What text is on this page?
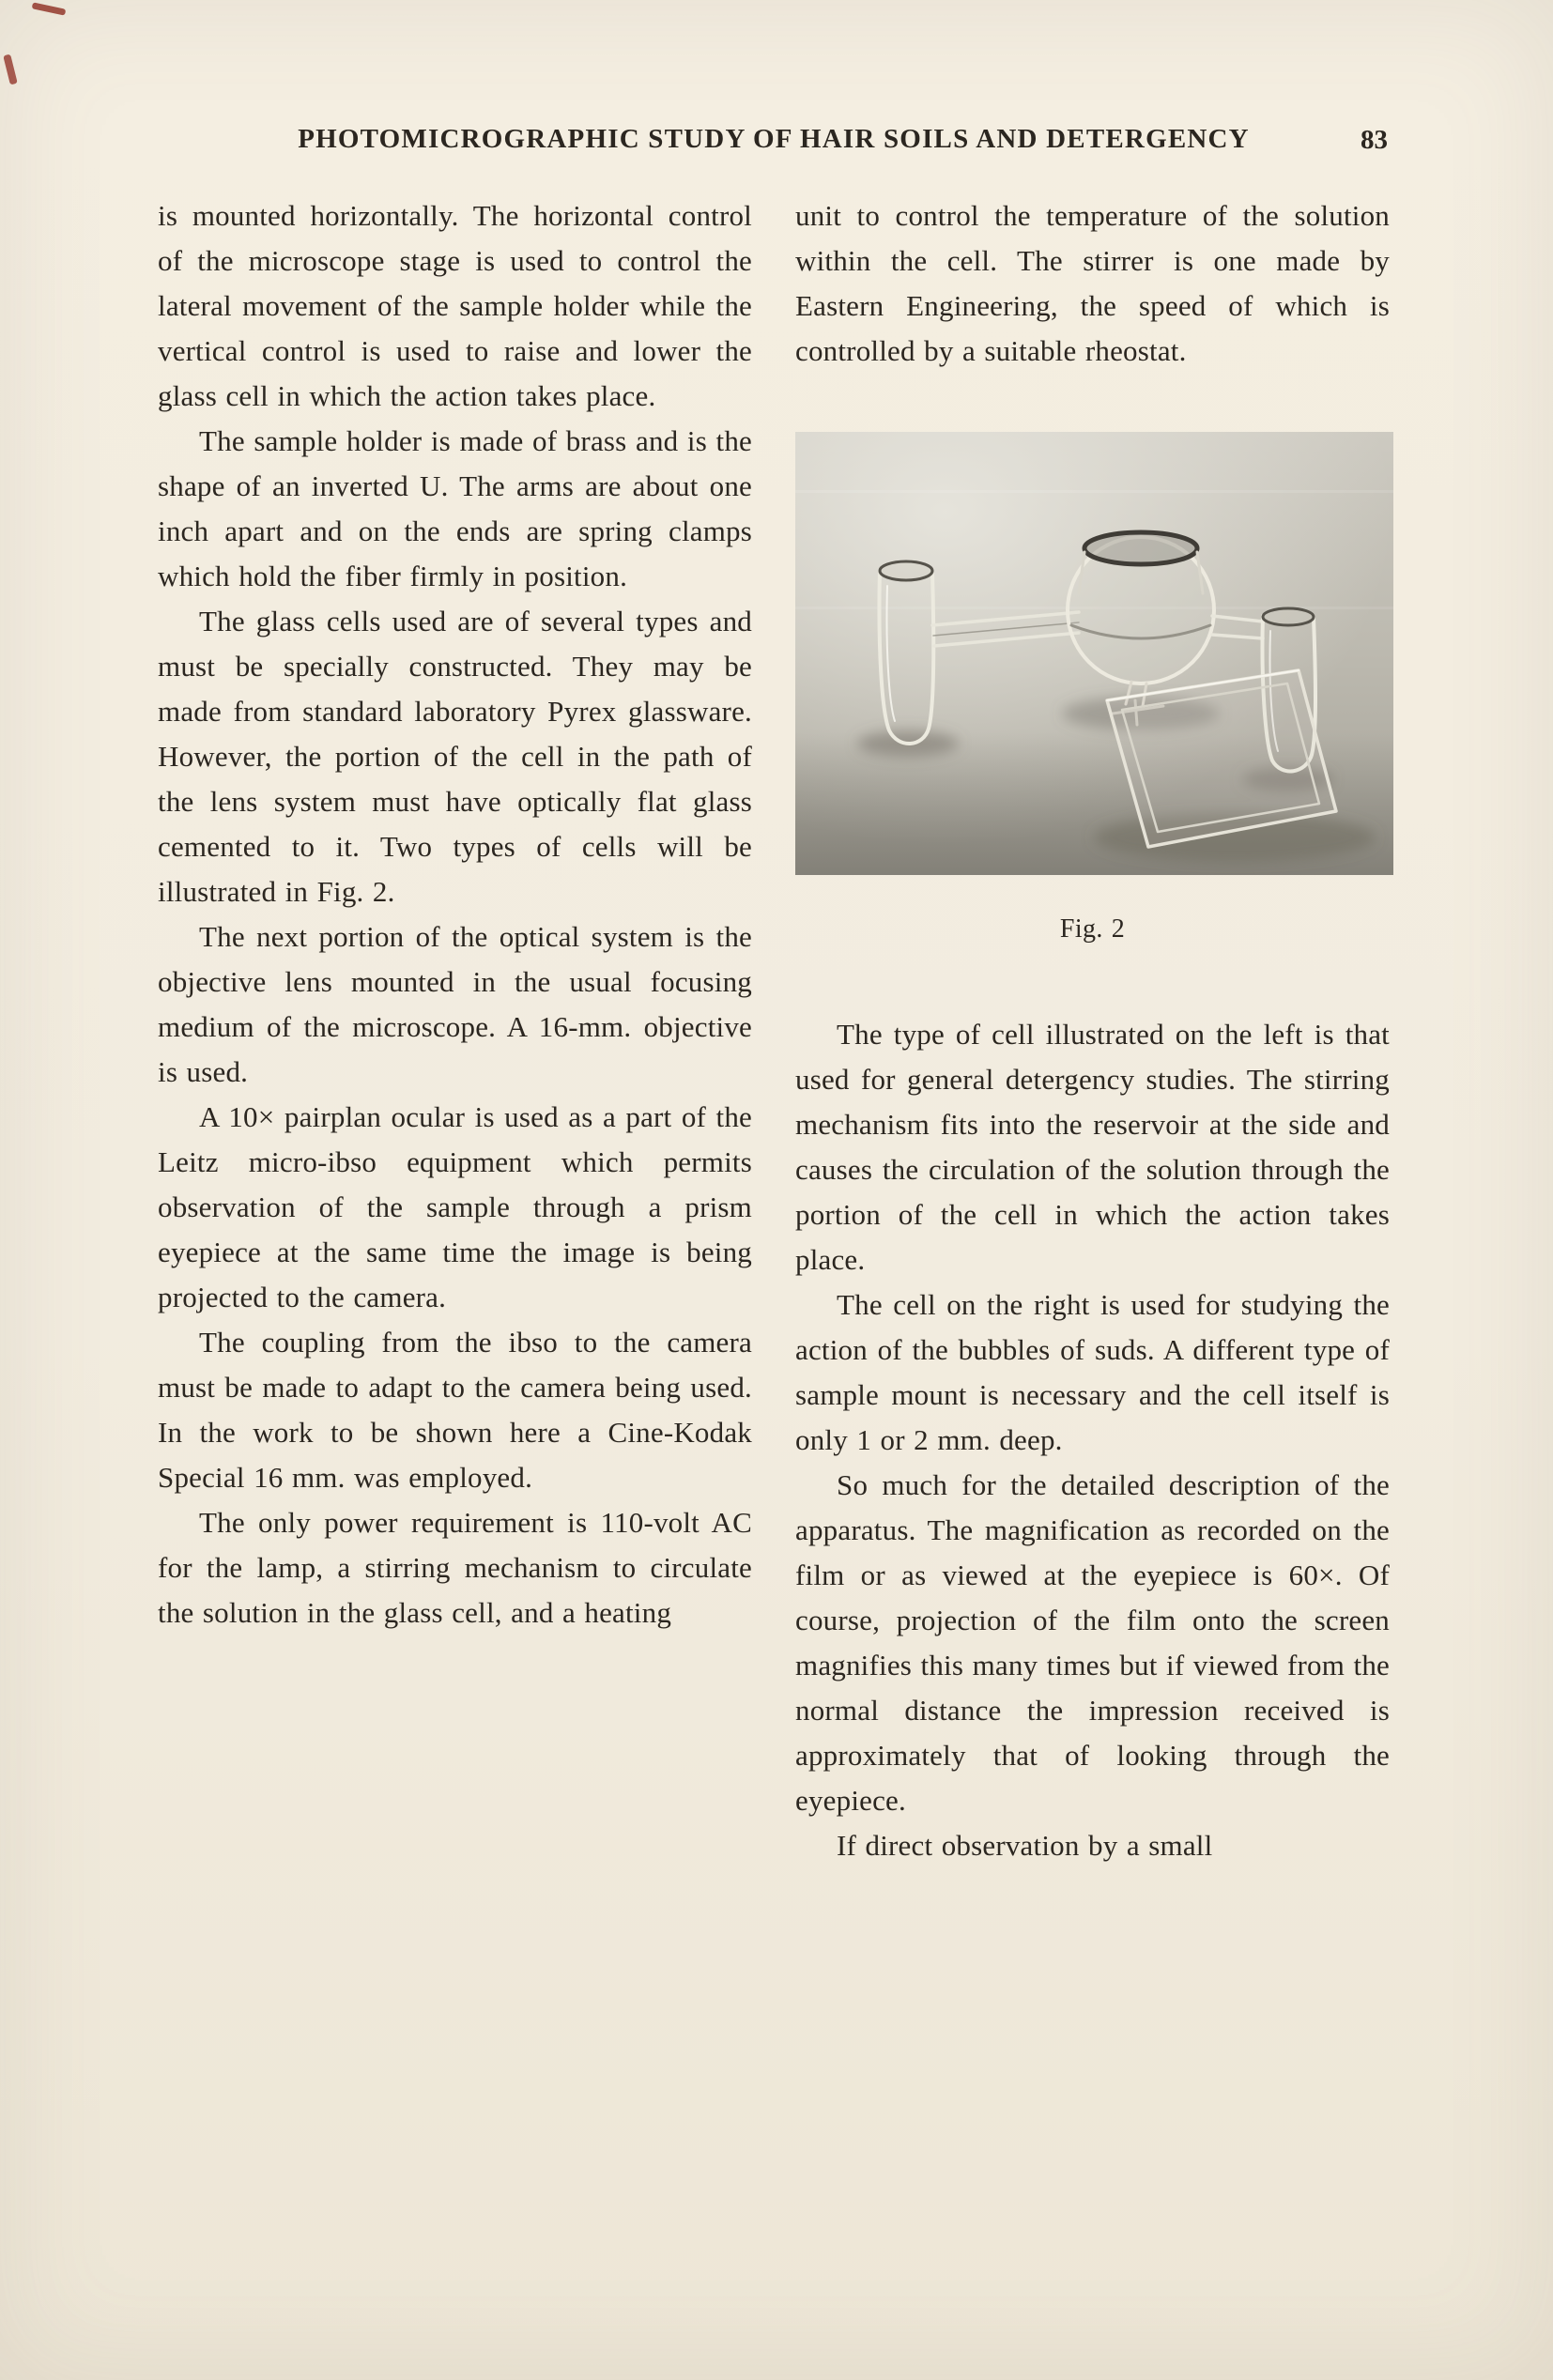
PHOTOMICROGRAPHIC STUDY OF HAIR SOILS AND DETERGENCY	83

is mounted horizontally. The horizontal control of the microscope stage is used to control the lateral movement of the sample holder while the vertical control is used to raise and lower the glass cell in which the action takes place.

The sample holder is made of brass and is the shape of an inverted U. The arms are about one inch apart and on the ends are spring clamps which hold the fiber firmly in position.

The glass cells used are of several types and must be specially constructed. They may be made from standard laboratory Pyrex glassware. However, the portion of the cell in the path of the lens system must have optically flat glass cemented to it. Two types of cells will be illustrated in Fig. 2.

The next portion of the optical system is the objective lens mounted in the usual focusing medium of the microscope. A 16-mm. objective is used.

A 10× pairplan ocular is used as a part of the Leitz micro-ibso equipment which permits observation of the sample through a prism eyepiece at the same time the image is being projected to the camera.

The coupling from the ibso to the camera must be made to adapt to the camera being used. In the work to be shown here a Cine-Kodak Special 16 mm. was employed.

The only power requirement is 110-volt AC for the lamp, a stirring mechanism to circulate the solution in the glass cell, and a heating

unit to control the temperature of the solution within the cell. The stirrer is one made by Eastern Engineering, the speed of which is controlled by a suitable rheostat.

Fig. 2

The type of cell illustrated on the left is that used for general detergency studies. The stirring mechanism fits into the reservoir at the side and causes the circulation of the solution through the portion of the cell in which the action takes place.

The cell on the right is used for studying the action of the bubbles of suds. A different type of sample mount is necessary and the cell itself is only 1 or 2 mm. deep.

So much for the detailed description of the apparatus. The magnification as recorded on the film or as viewed at the eyepiece is 60×. Of course, projection of the film onto the screen magnifies this many times but if viewed from the normal distance the impression received is approximately that of looking through the eyepiece.

If direct observation by a small
